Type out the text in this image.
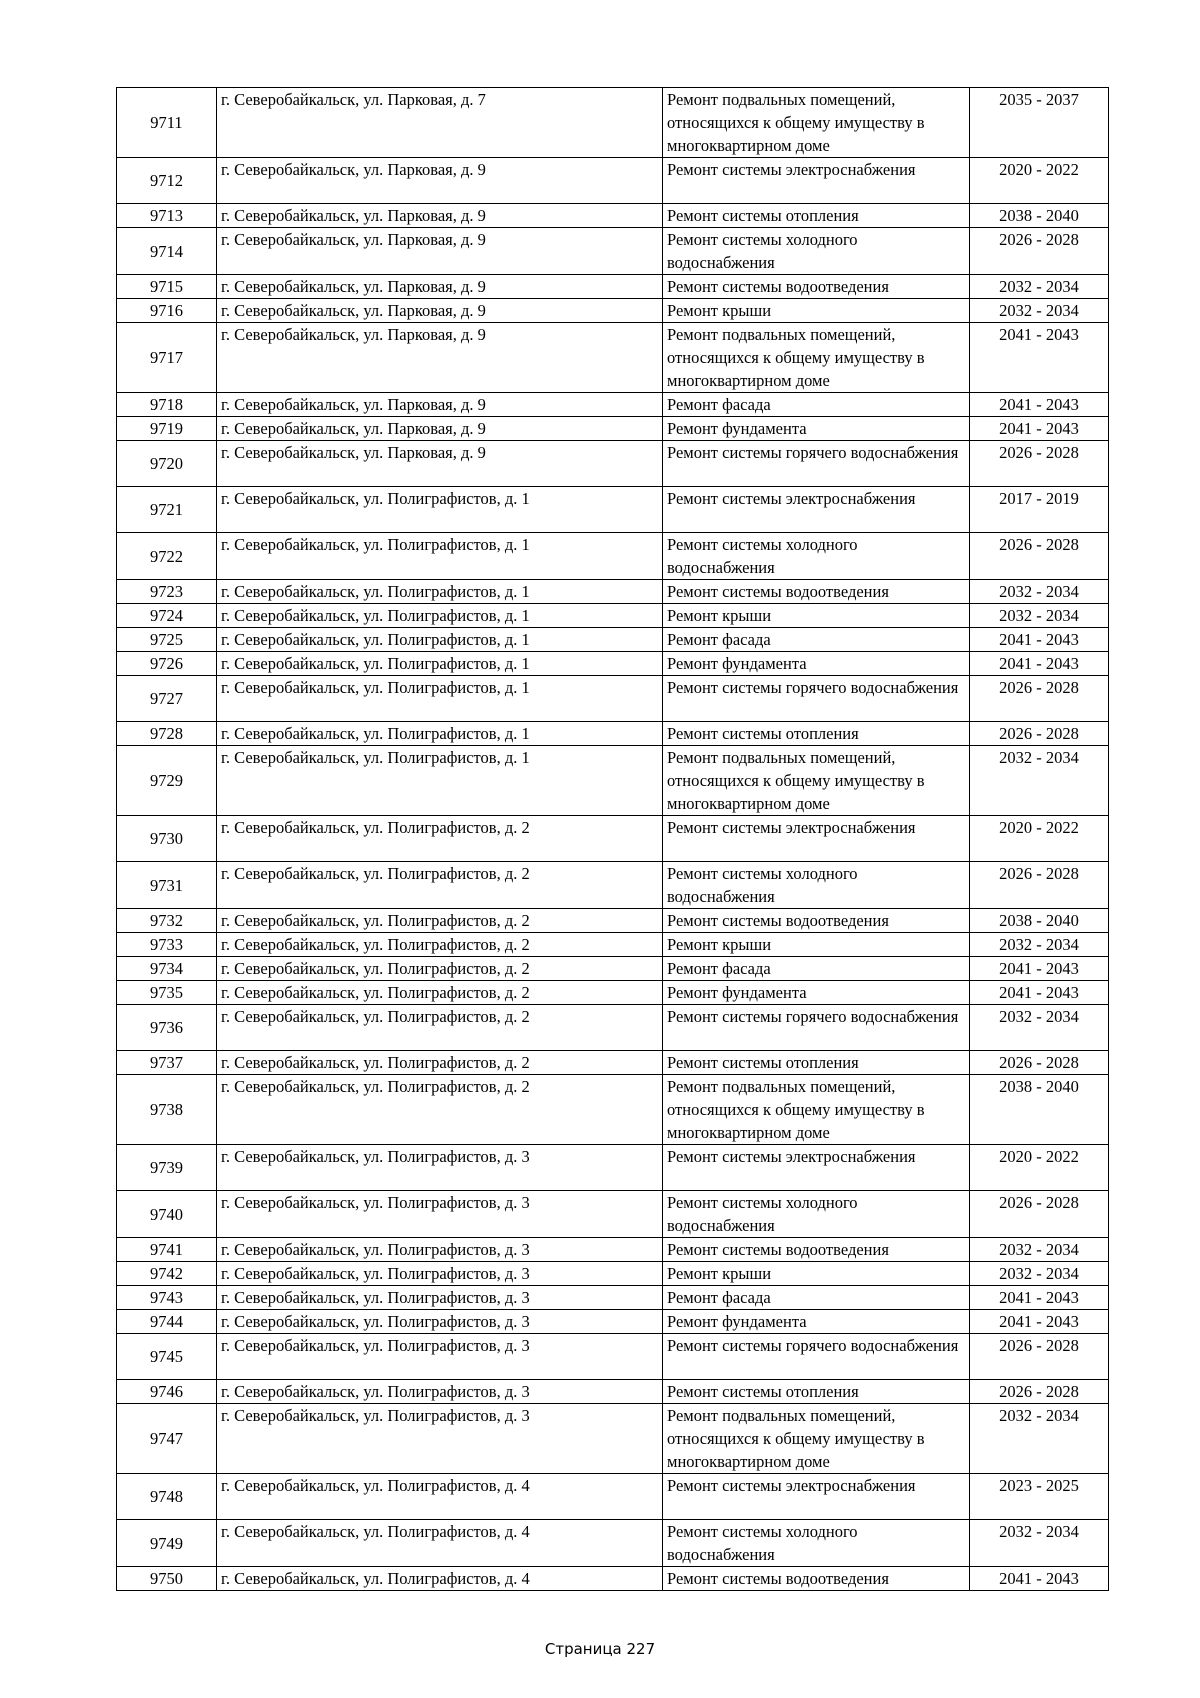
9711	г. Северобайкальск, ул. Парковая, д. 7	Ремонт подвальных помещений, относящихся к общему имуществу в многоквартирном доме	2035 - 2037
9712	г. Северобайкальск, ул. Парковая, д. 9	Ремонт системы электроснабжения	2020 - 2022
9713	г. Северобайкальск, ул. Парковая, д. 9	Ремонт системы отопления	2038 - 2040
9714	г. Северобайкальск, ул. Парковая, д. 9	Ремонт системы холодного водоснабжения	2026 - 2028
9715	г. Северобайкальск, ул. Парковая, д. 9	Ремонт системы водоотведения	2032 - 2034
9716	г. Северобайкальск, ул. Парковая, д. 9	Ремонт крыши	2032 - 2034
9717	г. Северобайкальск, ул. Парковая, д. 9	Ремонт подвальных помещений, относящихся к общему имуществу в многоквартирном доме	2041 - 2043
9718	г. Северобайкальск, ул. Парковая, д. 9	Ремонт фасада	2041 - 2043
9719	г. Северобайкальск, ул. Парковая, д. 9	Ремонт фундамента	2041 - 2043
9720	г. Северобайкальск, ул. Парковая, д. 9	Ремонт системы горячего водоснабжения	2026 - 2028
9721	г. Северобайкальск, ул. Полиграфистов, д. 1	Ремонт системы электроснабжения	2017 - 2019
9722	г. Северобайкальск, ул. Полиграфистов, д. 1	Ремонт системы холодного водоснабжения	2026 - 2028
9723	г. Северобайкальск, ул. Полиграфистов, д. 1	Ремонт системы водоотведения	2032 - 2034
9724	г. Северобайкальск, ул. Полиграфистов, д. 1	Ремонт крыши	2032 - 2034
9725	г. Северобайкальск, ул. Полиграфистов, д. 1	Ремонт фасада	2041 - 2043
9726	г. Северобайкальск, ул. Полиграфистов, д. 1	Ремонт фундамента	2041 - 2043
9727	г. Северобайкальск, ул. Полиграфистов, д. 1	Ремонт системы горячего водоснабжения	2026 - 2028
9728	г. Северобайкальск, ул. Полиграфистов, д. 1	Ремонт системы отопления	2026 - 2028
9729	г. Северобайкальск, ул. Полиграфистов, д. 1	Ремонт подвальных помещений, относящихся к общему имуществу в многоквартирном доме	2032 - 2034
9730	г. Северобайкальск, ул. Полиграфистов, д. 2	Ремонт системы электроснабжения	2020 - 2022
9731	г. Северобайкальск, ул. Полиграфистов, д. 2	Ремонт системы холодного водоснабжения	2026 - 2028
9732	г. Северобайкальск, ул. Полиграфистов, д. 2	Ремонт системы водоотведения	2038 - 2040
9733	г. Северобайкальск, ул. Полиграфистов, д. 2	Ремонт крыши	2032 - 2034
9734	г. Северобайкальск, ул. Полиграфистов, д. 2	Ремонт фасада	2041 - 2043
9735	г. Северобайкальск, ул. Полиграфистов, д. 2	Ремонт фундамента	2041 - 2043
9736	г. Северобайкальск, ул. Полиграфистов, д. 2	Ремонт системы горячего водоснабжения	2032 - 2034
9737	г. Северобайкальск, ул. Полиграфистов, д. 2	Ремонт системы отопления	2026 - 2028
9738	г. Северобайкальск, ул. Полиграфистов, д. 2	Ремонт подвальных помещений, относящихся к общему имуществу в многоквартирном доме	2038 - 2040
9739	г. Северобайкальск, ул. Полиграфистов, д. 3	Ремонт системы электроснабжения	2020 - 2022
9740	г. Северобайкальск, ул. Полиграфистов, д. 3	Ремонт системы холодного водоснабжения	2026 - 2028
9741	г. Северобайкальск, ул. Полиграфистов, д. 3	Ремонт системы водоотведения	2032 - 2034
9742	г. Северобайкальск, ул. Полиграфистов, д. 3	Ремонт крыши	2032 - 2034
9743	г. Северобайкальск, ул. Полиграфистов, д. 3	Ремонт фасада	2041 - 2043
9744	г. Северобайкальск, ул. Полиграфистов, д. 3	Ремонт фундамента	2041 - 2043
9745	г. Северобайкальск, ул. Полиграфистов, д. 3	Ремонт системы горячего водоснабжения	2026 - 2028
9746	г. Северобайкальск, ул. Полиграфистов, д. 3	Ремонт системы отопления	2026 - 2028
9747	г. Северобайкальск, ул. Полиграфистов, д. 3	Ремонт подвальных помещений, относящихся к общему имуществу в многоквартирном доме	2032 - 2034
9748	г. Северобайкальск, ул. Полиграфистов, д. 4	Ремонт системы электроснабжения	2023 - 2025
9749	г. Северобайкальск, ул. Полиграфистов, д. 4	Ремонт системы холодного водоснабжения	2032 - 2034
9750	г. Северобайкальск, ул. Полиграфистов, д. 4	Ремонт системы водоотведения	2041 - 2043
Страница 227
